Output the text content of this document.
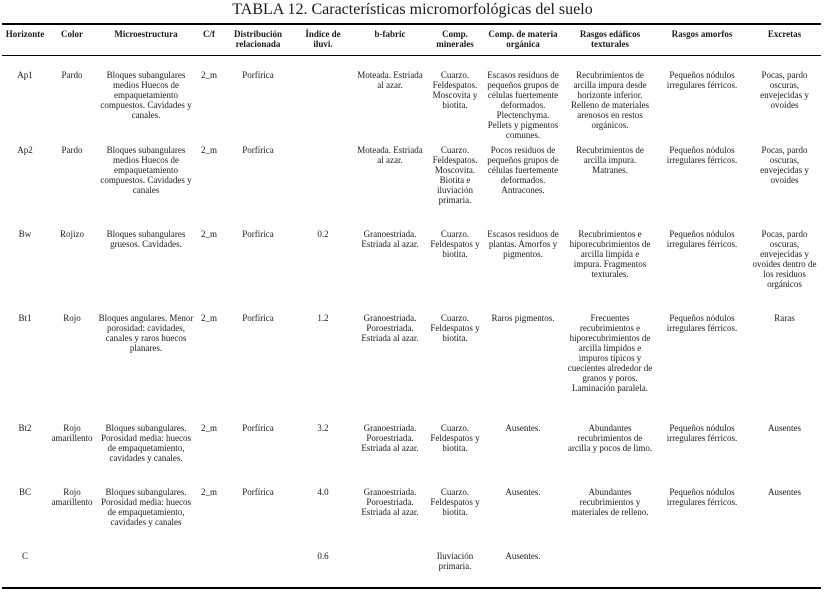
TABLA 12. Características micromorfológicas del suelo
Horizonte	Color	Microestructura	C/f	Distribución relacionada	Índice de iluvi.	b-fabric	Comp. minerales	Comp. de materia orgánica	Rasgos edáficos texturales	Rasgos amorfos	Excretas
Ap1	Pardo	Bloques subangulares medios Huecos de empaquetamiento compuestos. Cavidades y canales.	2_m	Porfírica		Moteada. Estriada al azar.	Cuarzo. Feldespatos. Moscovita y biotita.	Escasos residuos de pequeños grupos de células fuertemente deformados. Plectenchyma. Pellets y pigmentos comunes.	Recubrimientos de arcilla impura desde horizonte inferior. Relleno de materiales arenosos en restos orgánicos.	Pequeños nódulos irregulares férricos.	Pocas, pardo oscuras, envejecidas y ovoides
Ap2	Pardo	Bloques subangulares medios Huecos de empaquetamiento compuestos. Cavidades y canales	2_m	Porfírica		Moteada. Estriada al azar.	Cuarzo. Feldespatos. Moscovita. Biotita e iluviación primaria.	Pocos residuos de pequeños grupos de células fuertemente deformados. Antracones.	Recubrimientos de arcilla impura. Matranes.	Pequeños nódulos irregulares férricos.	Pocas, pardo oscuras, envejecidas y ovoides
Bw	Rojizo	Bloques subangulares gruesos. Cavidades.	2_m	Porfírica	0.2	Granoestriada. Estriada al azar.	Cuarzo. Feldespatos y biotita.	Escasos residuos de plantas. Amorfos y pigmentos.	Recubrimientos e hiporecubrimientos de arcilla limpida e impura. Fragmentos texturales.	Pequeños nódulos irregulares férricos.	Pocas, pardo oscuras, envejecidas y ovoides dentro de los residuos orgánicos
Bt1	Rojo	Bloques angulares. Menor porosidad: cavidades, canales y raros huecos planares.	2_m	Porfírica	1.2	Granoestriada. Poroestriada. Estriada al azar.	Cuarzo. Feldespatos y biotita.	Raros pigmentos.	Frecuentes recubrimientos e hiporecubrimientos de arcilla límpidos e impuros típicos y cuecientes alrededor de granos y poros. Laminación paralela.	Pequeños nódulos irregulares férricos.	Raras
Bt2	Rojo amarillento	Bloques subangulares. Porosidad media: huecos de empaquetamiento, cavidades y canales.	2_m	Porfírica	3.2	Granoestriada. Poroestriada. Estriada al azar.	Cuarzo. Feldespatos y biotita.	Ausentes.	Abundantes recubrimientos de arcilla y pocos de limo.	Pequeños nódulos irregulares férricos.	Ausentes
BC	Rojo amarillento	Bloques subangulares. Porosidad media: huecos de empaquetamiento, cavidades y canales	2_m	Porfírica	4.0	Granoestriada. Poroestriada. Estriada al azar.	Cuarzo. Feldespatos y biotita.	Ausentes.	Abundantes recubrimientos y materiales de relleno.	Pequeños nódulos irregulares férricos.	Ausentes
C					0.6		Iluviación primaria.	Ausentes.			
